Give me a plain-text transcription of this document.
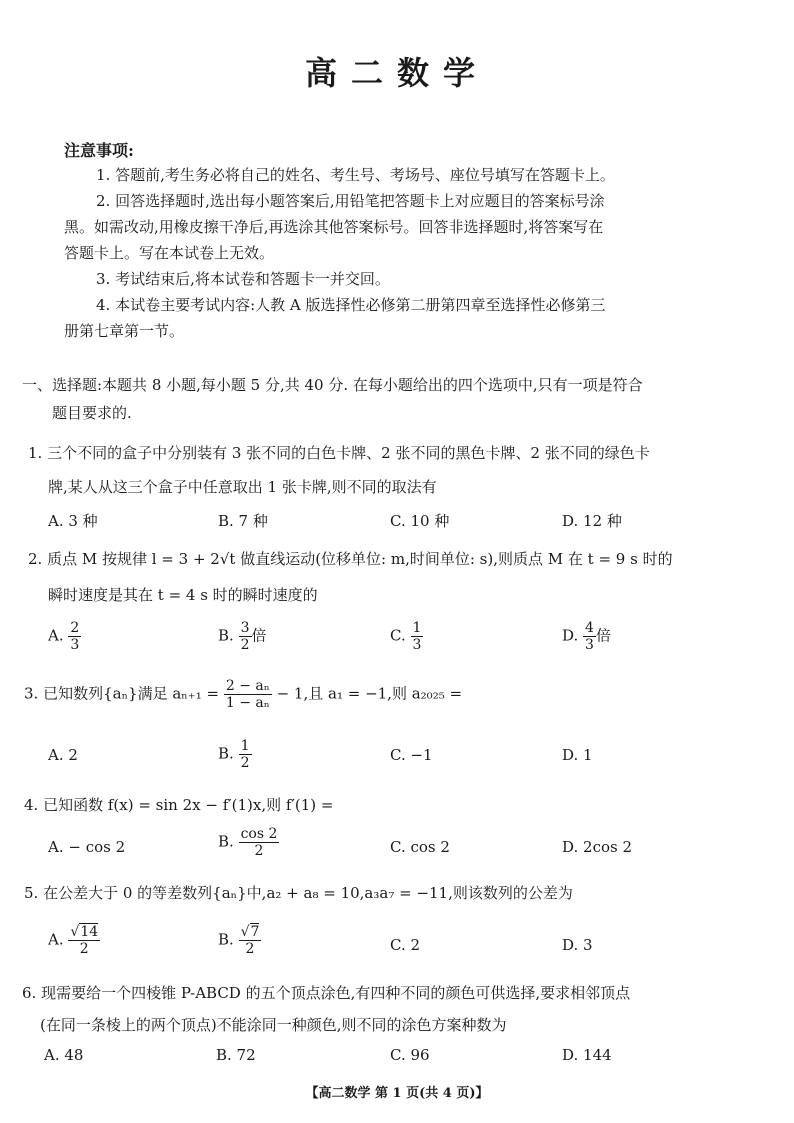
高二数学
注意事项:
1. 答题前,考生务必将自己的姓名、考生号、考场号、座位号填写在答题卡上。
2. 回答选择题时,选出每小题答案后,用铅笔把答题卡上对应题目的答案标号涂
黑。如需改动,用橡皮擦干净后,再选涂其他答案标号。回答非选择题时,将答案写在
答题卡上。写在本试卷上无效。
3. 考试结束后,将本试卷和答题卡一并交回。
4. 本试卷主要考试内容:人教 A 版选择性必修第二册第四章至选择性必修第三
册第七章第一节。
一、选择题:本题共 8 小题,每小题 5 分,共 40 分. 在每小题给出的四个选项中,只有一项是符合
题目要求的.
1. 三个不同的盒子中分别装有 3 张不同的白色卡牌、2 张不同的黑色卡牌、2 张不同的绿色卡
牌,某人从这三个盒子中任意取出 1 张卡牌,则不同的取法有
A. 3 种	B. 7 种	C. 10 种	D. 12 种
2. 质点 M 按规律 l = 3 + 2√t 做直线运动(位移单位: m,时间单位: s),则质点 M 在 t = 9 s 时的
瞬时速度是其在 t = 4 s 时的瞬时速度的
A. $\frac{2}{3}$	B. $\frac{3}{2}$ 倍	C. $\frac{1}{3}$	D. $\frac{4}{3}$ 倍
3. 已知数列{aₙ}满足 $a_{n+1} = \frac{\text{2 − aₙ}}{\text{1 − aₙ}} - 1$,且 a₁ = −1,则 a₂₀₂₅ =
A. 2	B. $\frac{1}{2}$	C. −1	D. 1
4. 已知函数 f(x) = sin 2x − f′(1)x,则 f′(1) =
A. − cos 2	B. $\frac{\cos 2}{2}$	C. cos 2	D. 2cos 2
5. 在公差大于 0 的等差数列{aₙ}中,a₂ + a₈ = 10,a₃a₇ = −11,则该数列的公差为
A. $\frac{√14}{2}$	B. $\frac{√7}{2}$	C. 2	D. 3
6. 现需要给一个四棱锥 P-ABCD 的五个顶点涂色,有四种不同的颜色可供选择,要求相邻顶点
(在同一条棱上的两个顶点)不能涂同一种颜色,则不同的涂色方案种数为
A. 48	B. 72	C. 96	D. 144
【高二数学 第 1 页(共 4 页)】
